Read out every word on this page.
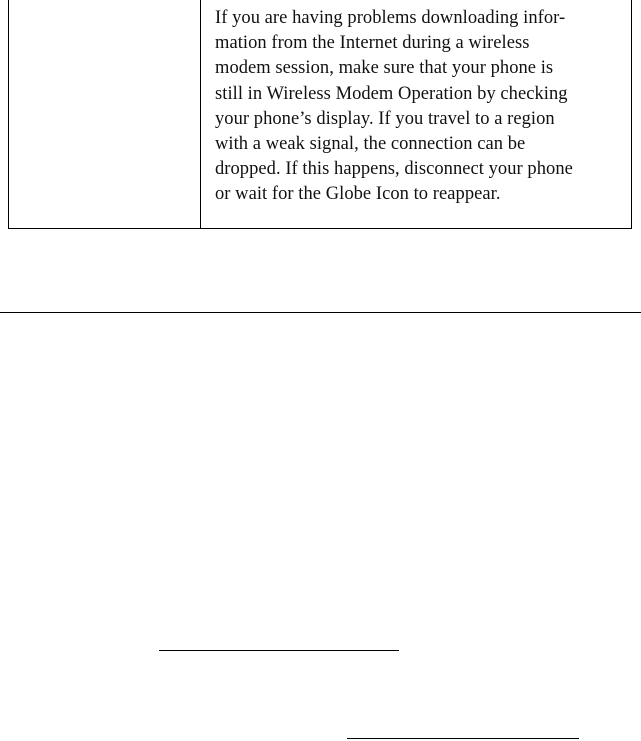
If you are having problems downloading infor-
mation from the Internet during a wireless
modem session, make sure that your phone is
still in Wireless Modem Operation by checking
your phone’s display. If you travel to a region
with a weak signal, the connection can be
dropped. If this happens, disconnect your phone
or wait for the Globe Icon to reappear.
